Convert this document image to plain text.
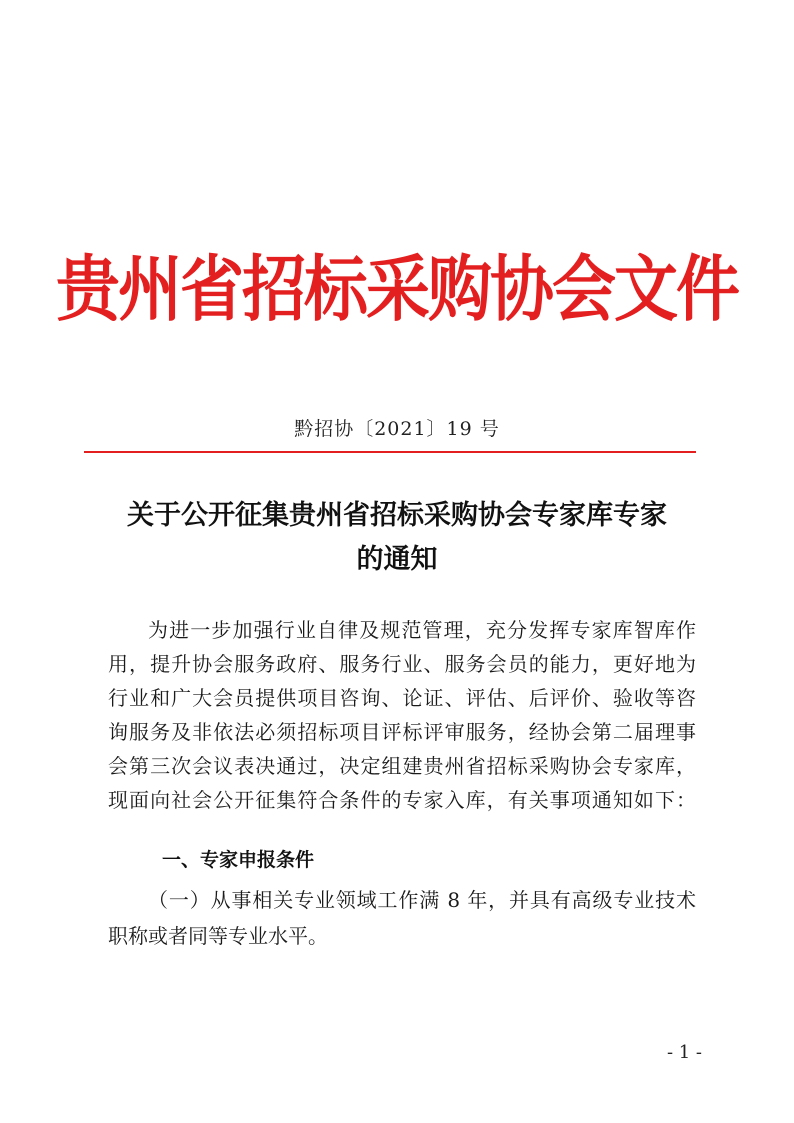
贵州省招标采购协会文件
黔招协〔2021〕19 号
关于公开征集贵州省招标采购协会专家库专家
的通知
为进一步加强行业自律及规范管理，充分发挥专家库智库作
用，提升协会服务政府、服务行业、服务会员的能力，更好地为
行业和广大会员提供项目咨询、论证、评估、后评价、验收等咨
询服务及非依法必须招标项目评标评审服务，经协会第二届理事
会第三次会议表决通过，决定组建贵州省招标采购协会专家库，
现面向社会公开征集符合条件的专家入库，有关事项通知如下：
一、专家申报条件
（一）从事相关专业领域工作满 8 年，并具有高级专业技术
职称或者同等专业水平。
- 1 -
